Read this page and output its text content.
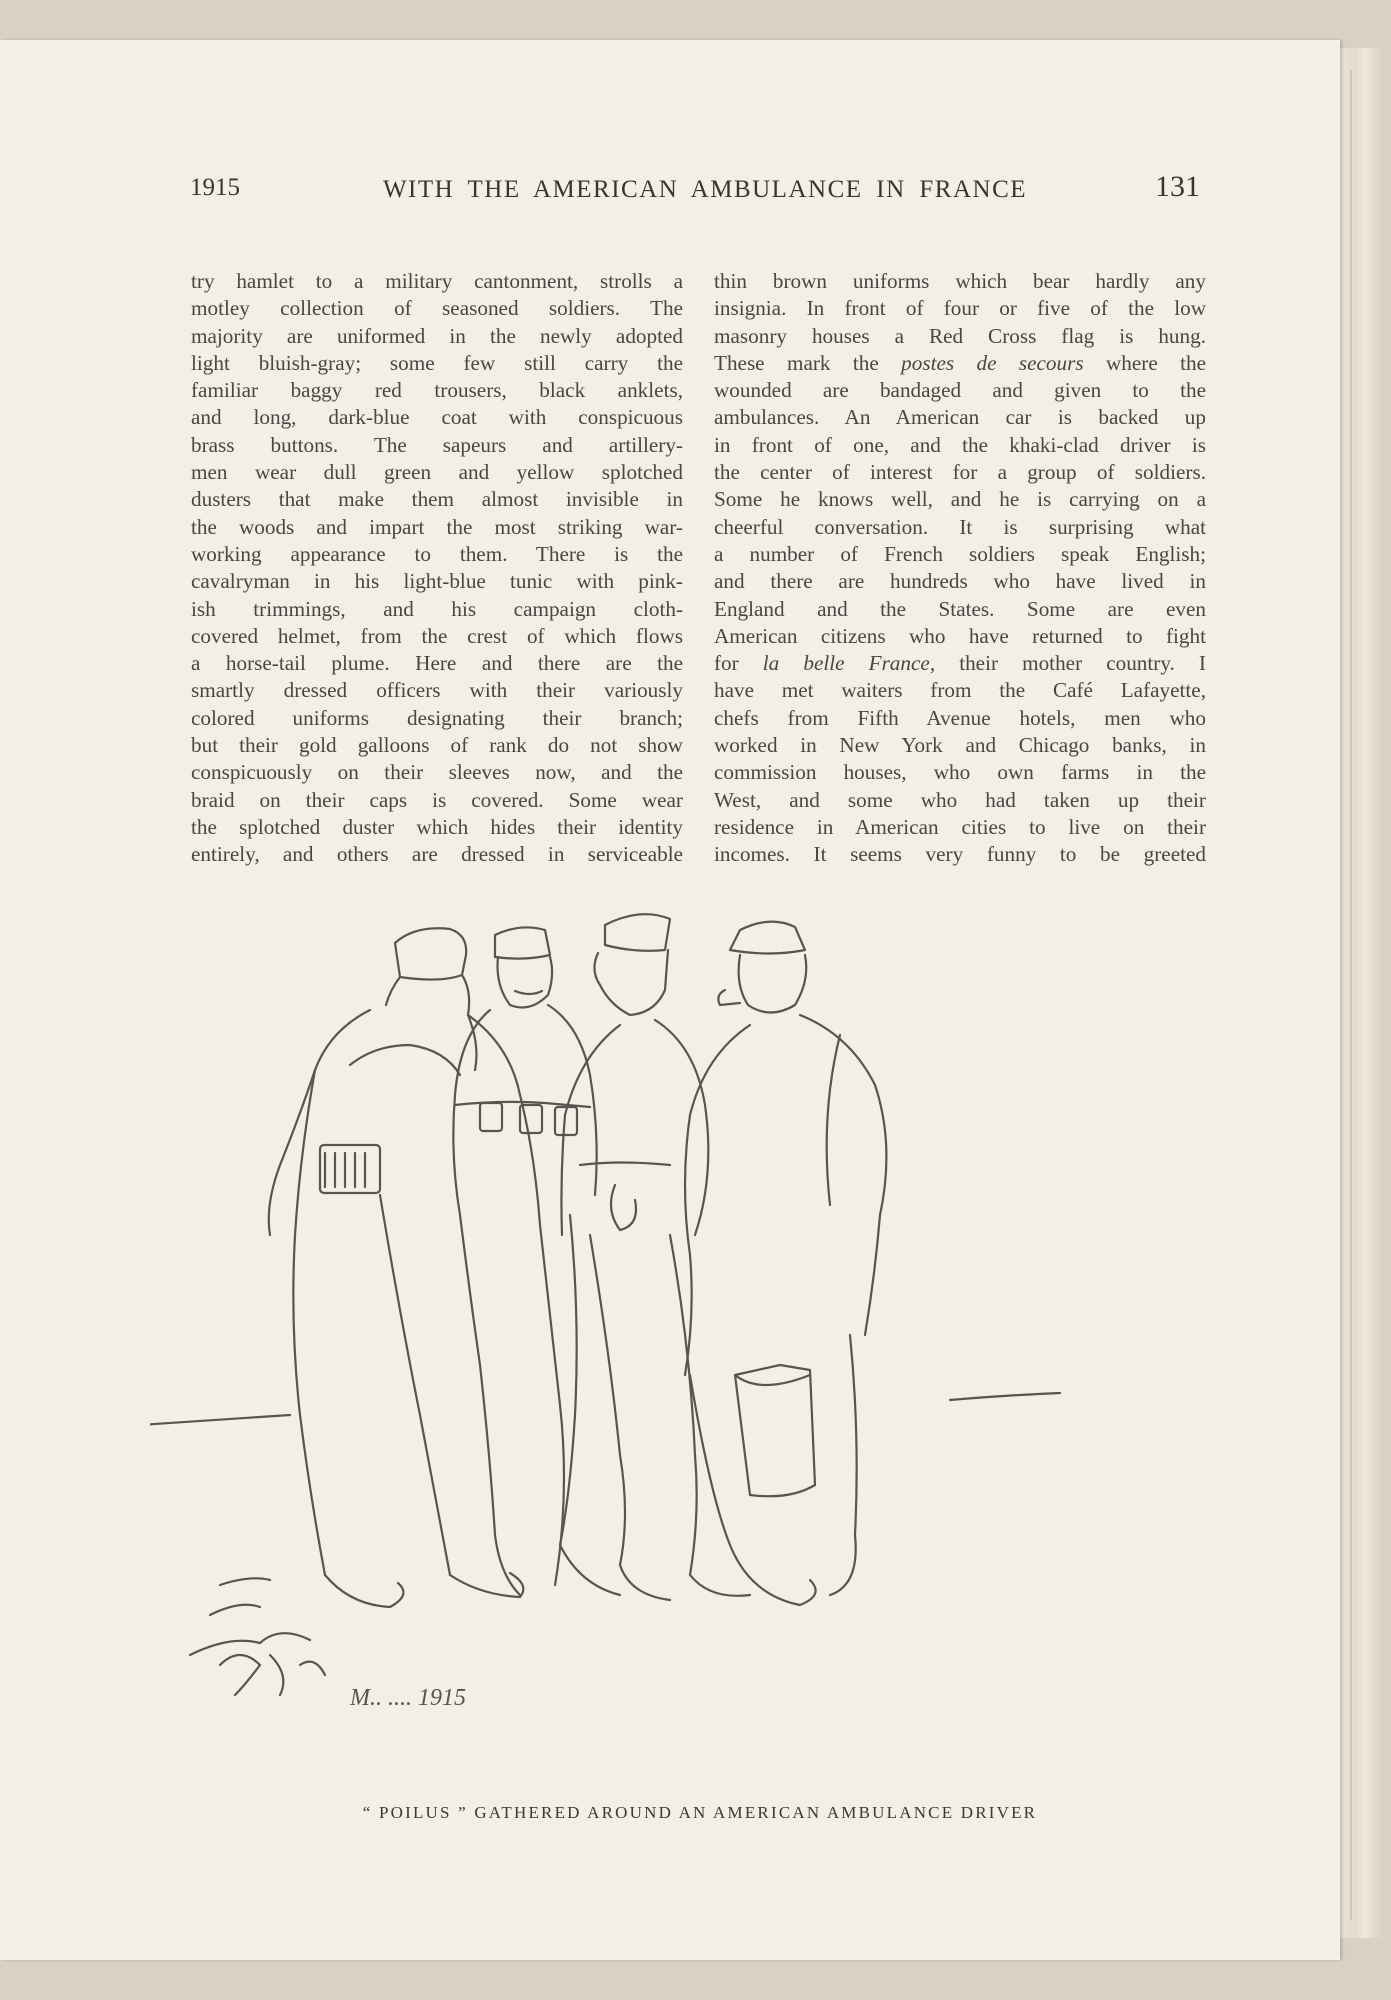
1915	WITH THE AMERICAN AMBULANCE IN FRANCE	131
try hamlet to a military cantonment, strolls a
motley collection of seasoned soldiers. The
majority are uniformed in the newly adopted
light bluish-gray; some few still carry the
familiar baggy red trousers, black anklets,
and long, dark-blue coat with conspicuous
brass buttons. The sapeurs and artillery-
men wear dull green and yellow splotched
dusters that make them almost invisible in
the woods and impart the most striking war-
working appearance to them. There is the
cavalryman in his light-blue tunic with pink-
ish trimmings, and his campaign cloth-
covered helmet, from the crest of which flows
a horse-tail plume. Here and there are the
smartly dressed officers with their variously
colored uniforms designating their branch;
but their gold galloons of rank do not show
conspicuously on their sleeves now, and the
braid on their caps is covered. Some wear
the splotched duster which hides their identity
entirely, and others are dressed in serviceable
thin brown uniforms which bear hardly any
insignia. In front of four or five of the low
masonry houses a Red Cross flag is hung.
These mark the postes de secours where the
wounded are bandaged and given to the
ambulances. An American car is backed up
in front of one, and the khaki-clad driver is
the center of interest for a group of soldiers.
Some he knows well, and he is carrying on a
cheerful conversation. It is surprising what
a number of French soldiers speak English;
and there are hundreds who have lived in
England and the States. Some are even
American citizens who have returned to fight
for la belle France, their mother country. I
have met waiters from the Café Lafayette,
chefs from Fifth Avenue hotels, men who
worked in New York and Chicago banks, in
commission houses, who own farms in the
West, and some who had taken up their
residence in American cities to live on their
incomes. It seems very funny to be greeted
M.. .... 1915
“ POILUS ” GATHERED AROUND AN AMERICAN AMBULANCE DRIVER
